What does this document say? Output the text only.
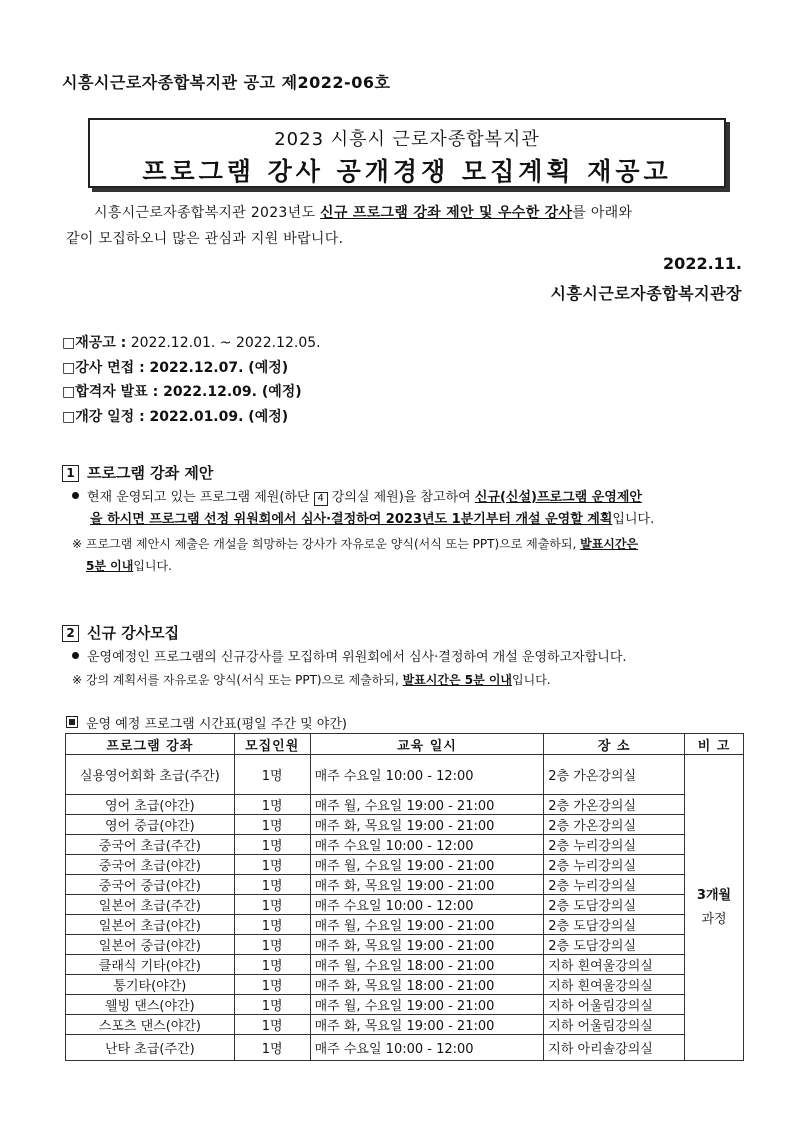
시흥시근로자종합복지관 공고 제2022-06호
2023 시흥시 근로자종합복지관
프로그램 강사 공개경쟁 모집계획 재공고
시흥시근로자종합복지관 2023년도 신규 프로그램 강좌 제안 및 우수한 강사를 아래와
같이 모집하오니 많은 관심과 지원 바랍니다.
2022.11.
시흥시근로자종합복지관장
□재공고 : 2022.12.01. ~ 2022.12.05.
□강사 면접 : 2022.12.07. (예정)
□합격자 발표 : 2022.12.09. (예정)
□개강 일정 : 2022.01.09. (예정)
1 프로그램 강좌 제안
현재 운영되고 있는 프로그램 제원(하단 4 강의실 제원)을 참고하여 신규(신설)프로그램 운영제안
을 하시면 프로그램 선정 위원회에서 심사·결정하여 2023년도 1분기부터 개설 운영할 계획입니다.
※ 프로그램 제안시 제출은 개설을 희망하는 강사가 자유로운 양식(서식 또는 PPT)으로 제출하되, 발표시간은
5분 이내입니다.
2 신규 강사모집
운영예정인 프로그램의 신규강사를 모집하며 위원회에서 심사·결정하여 개설 운영하고자합니다.
※ 강의 계획서를 자유로운 양식(서식 또는 PPT)으로 제출하되, 발표시간은 5분 이내입니다.
운영 예정 프로그램 시간표(평일 주간 및 야간)
프로그램 강좌	모집인원	교육 일시	장 소	비 고
실용영어회화 초급(주간)	1명	매주 수요일 10:00 - 12:00	2층 가온강의실	3개월
과정
영어 초급(야간)	1명	매주 월, 수요일 19:00 - 21:00	2층 가온강의실	
영어 중급(야간)	1명	매주 화, 목요일 19:00 - 21:00	2층 가온강의실	
중국어 초급(주간)	1명	매주 수요일 10:00 - 12:00	2층 누리강의실	
중국어 초급(야간)	1명	매주 월, 수요일 19:00 - 21:00	2층 누리강의실	
중국어 중급(야간)	1명	매주 화, 목요일 19:00 - 21:00	2층 누리강의실	
일본어 초급(주간)	1명	매주 수요일 10:00 - 12:00	2층 도담강의실	
일본어 초급(야간)	1명	매주 월, 수요일 19:00 - 21:00	2층 도담강의실	
일본어 중급(야간)	1명	매주 화, 목요일 19:00 - 21:00	2층 도담강의실	
클래식 기타(야간)	1명	매주 월, 수요일 18:00 - 21:00	지하 흰여울강의실	
통기타(야간)	1명	매주 화, 목요일 18:00 - 21:00	지하 흰여울강의실	
웰빙 댄스(야간)	1명	매주 월, 수요일 19:00 - 21:00	지하 어울림강의실	
스포츠 댄스(야간)	1명	매주 화, 목요일 19:00 - 21:00	지하 어울림강의실	
난타 초급(주간)	1명	매주 수요일 10:00 - 12:00	지하 아리솔강의실	
